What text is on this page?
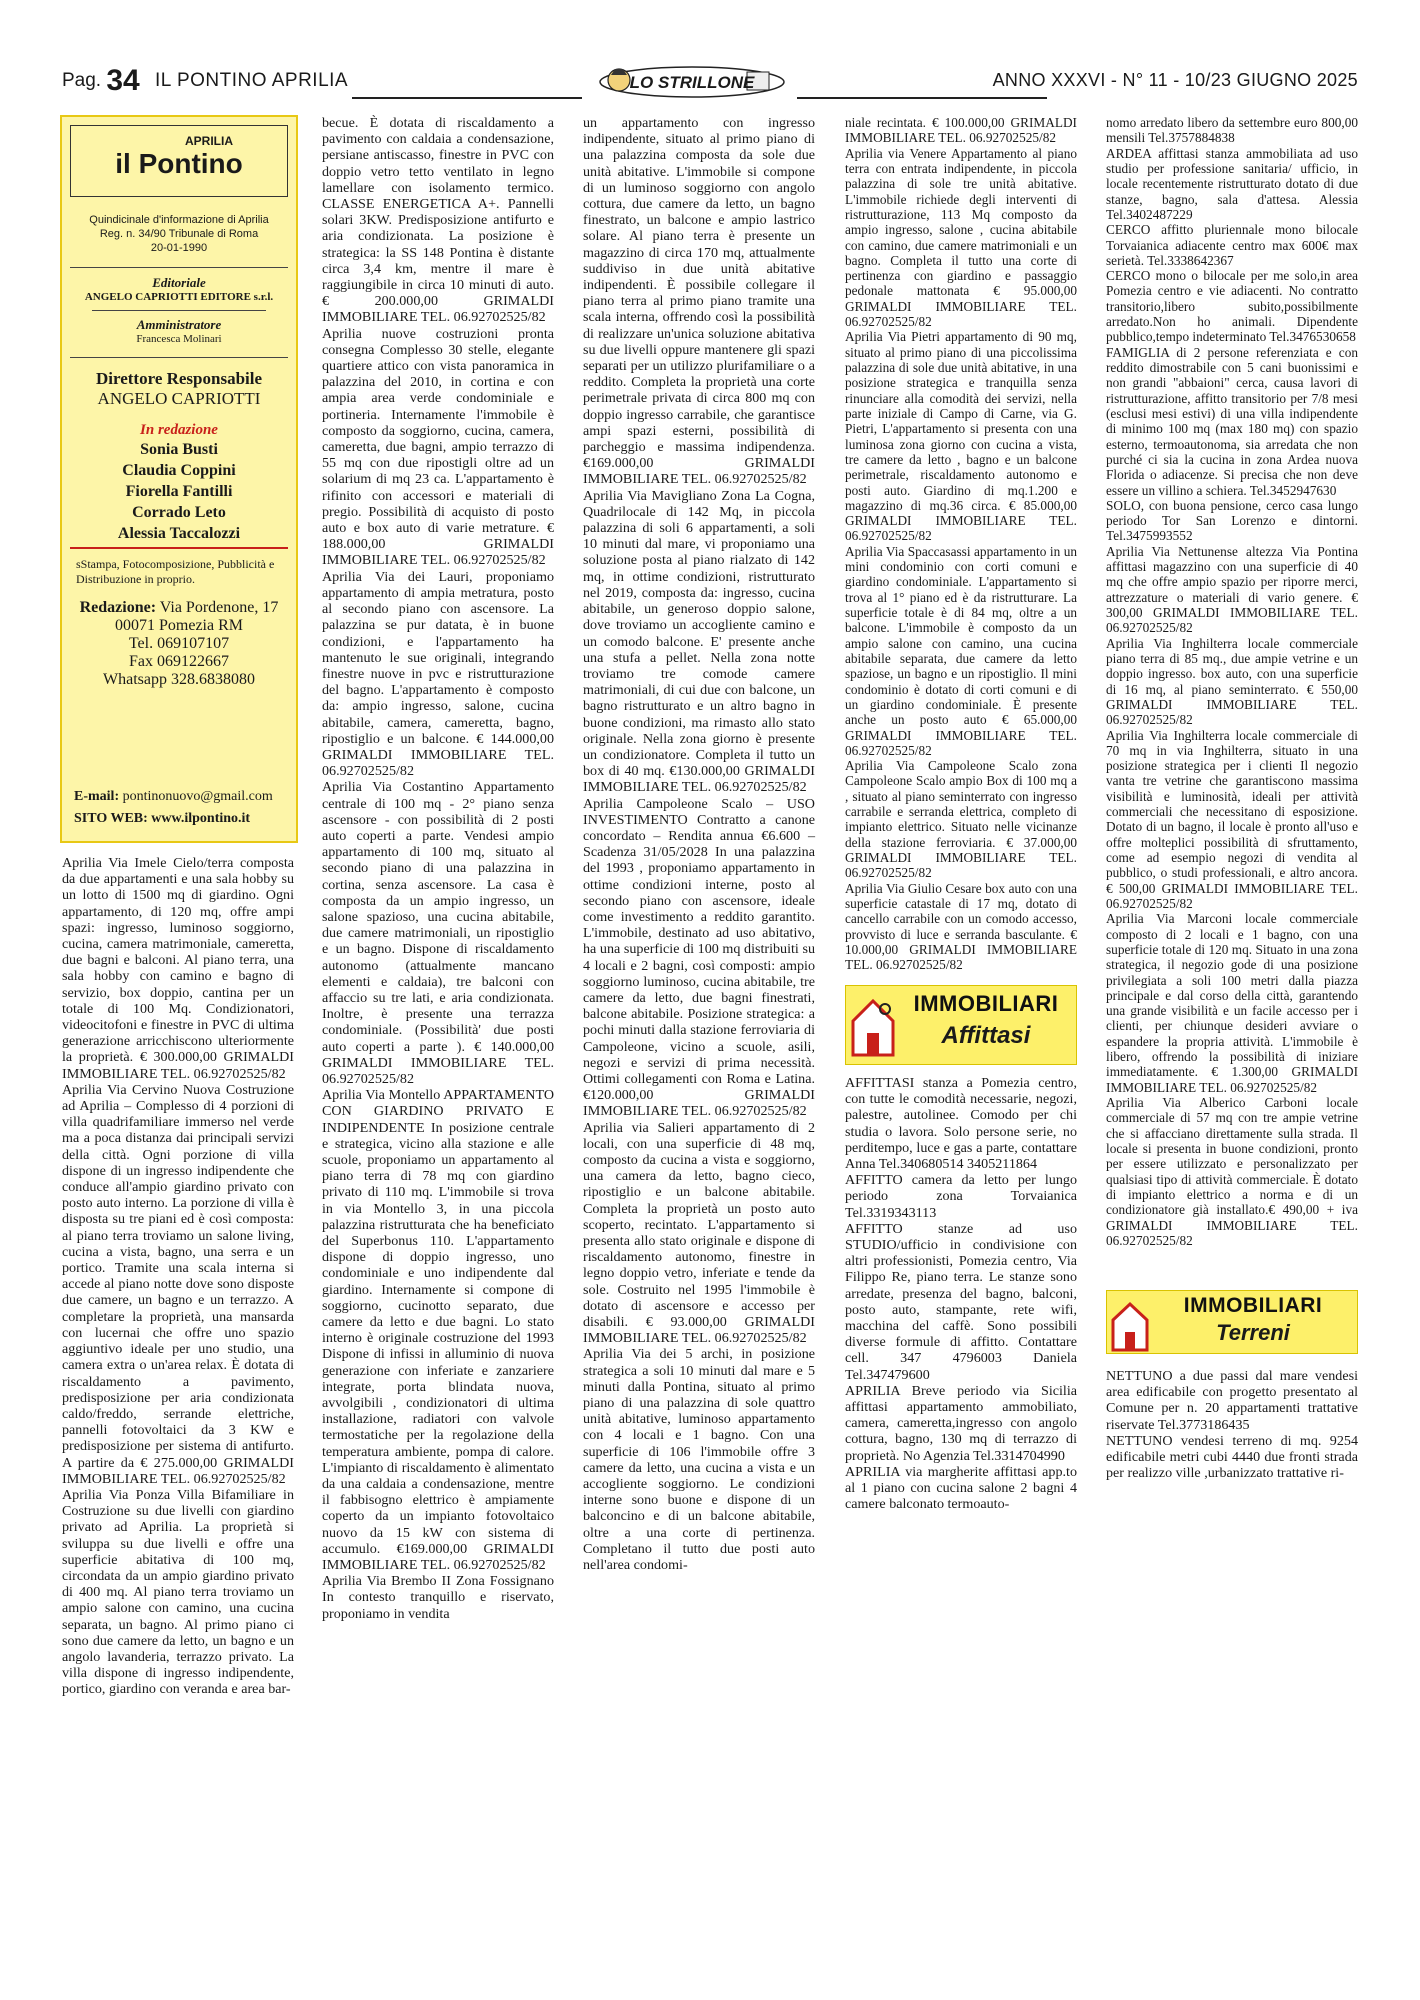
Pag. 34 IL PONTINO APRILIA	LO STRILLONE	ANNO XXXVI - N° 11 - 10/23 GIUGNO 2025
APRILIA
il Pontino
Quindicinale d'informazione di Aprilia
Reg. n. 34/90 Tribunale di Roma
20-01-1990
Editoriale
ANGELO CAPRIOTTI EDITORE s.r.l.
Amministratore
Francesca Molinari
Direttore Responsabile
ANGELO CAPRIOTTI
In redazione
Sonia Busti
Claudia Coppini
Fiorella Fantilli
Corrado Leto
Alessia Taccalozzi
sStampa, Fotocomposizione, Pubblicità e Distribuzione in proprio.
Redazione: Via Pordenone, 17
00071 Pomezia RM
Tel. 069107107
Fax 069122667
Whatsapp 328.6838080
E-mail: pontinonuovo@gmail.com
SITO WEB: www.ilpontino.it

Aprilia Via Imele Cielo/terra composta da due appartamenti e una sala hobby su un lotto di 1500 mq di giardino. Ogni appartamento, di 120 mq, offre ampi spazi: ingresso, luminoso soggiorno, cucina, camera matrimoniale, cameretta, due bagni e balconi. Al piano terra, una sala hobby con camino e bagno di servizio, box doppio, cantina per un totale di 100 Mq. Condizionatori, videocitofoni e finestre in PVC di ultima generazione arricchiscono ulteriormente la proprietà. € 300.000,00 GRIMALDI IMMOBILIARE TEL. 06.92702525/82

Aprilia Via Cervino Nuova Costruzione ad Aprilia – Complesso di 4 porzioni di villa quadrifamiliare immerso nel verde ma a poca distanza dai principali servizi della città. Ogni porzione di villa dispone di un ingresso indipendente che conduce all'ampio giardino privato con posto auto interno. La porzione di villa è disposta su tre piani ed è così composta: al piano terra troviamo un salone living, cucina a vista, bagno, una serra e un portico. Tramite una scala interna si accede al piano notte dove sono disposte due camere, un bagno e un terrazzo. A completare la proprietà, una mansarda con lucernai che offre uno spazio aggiuntivo ideale per uno studio, una camera extra o un'area relax. È dotata di riscaldamento a pavimento, predisposizione per aria condizionata caldo/freddo, serrande elettriche, pannelli fotovoltaici da 3 KW e predisposizione per sistema di antifurto. A partire da € 275.000,00 GRIMALDI IMMOBILIARE TEL. 06.92702525/82

Aprilia Via Ponza Villa Bifamiliare in Costruzione su due livelli con giardino privato ad Aprilia. La proprietà si sviluppa su due livelli e offre una superficie abitativa di 100 mq, circondata da un ampio giardino privato di 400 mq. Al piano terra troviamo un ampio salone con camino, una cucina separata, un bagno. Al primo piano ci sono due camere da letto, un bagno e un angolo lavanderia, terrazzo privato. La villa dispone di ingresso indipendente, portico, giardino con veranda e area bar-

becue. È dotata di riscaldamento a pavimento con caldaia a condensazione, persiane antiscasso, finestre in PVC con doppio vetro tetto ventilato in legno lamellare con isolamento termico. CLASSE ENERGETICA A+. Pannelli solari 3KW. Predisposizione antifurto e aria condizionata. La posizione è strategica: la SS 148 Pontina è distante circa 3,4 km, mentre il mare è raggiungibile in circa 10 minuti di auto. € 200.000,00 GRIMALDI IMMOBILIARE TEL. 06.92702525/82

Aprilia nuove costruzioni pronta consegna Complesso 30 stelle, elegante quartiere attico con vista panoramica in palazzina del 2010, in cortina e con ampia area verde condominiale e portineria. Internamente l'immobile è composto da soggiorno, cucina, camera, cameretta, due bagni, ampio terrazzo di 55 mq con due ripostigli oltre ad un solarium di mq 23 ca. L'appartamento è rifinito con accessori e materiali di pregio. Possibilità di acquisto di posto auto e box auto di varie metrature. € 188.000,00 GRIMALDI IMMOBILIARE TEL. 06.92702525/82

Aprilia Via dei Lauri, proponiamo appartamento di ampia metratura, posto al secondo piano con ascensore. La palazzina se pur datata, è in buone condizioni, e l'appartamento ha mantenuto le sue originali, integrando finestre nuove in pvc e ristrutturazione del bagno. L'appartamento è composto da: ampio ingresso, salone, cucina abitabile, camera, cameretta, bagno, ripostiglio e un balcone. € 144.000,00 GRIMALDI IMMOBILIARE TEL. 06.92702525/82

Aprilia Via Costantino Appartamento centrale di 100 mq - 2° piano senza ascensore - con possibilità di 2 posti auto coperti a parte. Vendesi ampio appartamento di 100 mq, situato al secondo piano di una palazzina in cortina, senza ascensore. La casa è composta da un ampio ingresso, un salone spazioso, una cucina abitabile, due camere matrimoniali, un ripostiglio e un bagno. Dispone di riscaldamento autonomo (attualmente mancano elementi e caldaia), tre balconi con affaccio su tre lati, e aria condizionata. Inoltre, è presente una terrazza condominiale. (Possibilità' due posti auto coperti a parte ). € 140.000,00 GRIMALDI IMMOBILIARE TEL. 06.92702525/82

Aprilia Via Montello APPARTAMENTO CON GIARDINO PRIVATO E INDIPENDENTE In posizione centrale e strategica, vicino alla stazione e alle scuole, proponiamo un appartamento al piano terra di 78 mq con giardino privato di 110 mq. L'immobile si trova in via Montello 3, in una piccola palazzina ristrutturata che ha beneficiato del Superbonus 110. L'appartamento dispone di doppio ingresso, uno condominiale e uno indipendente dal giardino. Internamente si compone di soggiorno, cucinotto separato, due camere da letto e due bagni. Lo stato interno è originale costruzione del 1993 Dispone di infissi in alluminio di nuova generazione con inferiate e zanzariere integrate, porta blindata nuova, avvolgibili , condizionatori di ultima installazione, radiatori con valvole termostatiche per la regolazione della temperatura ambiente, pompa di calore. L'impianto di riscaldamento è alimentato da una caldaia a condensazione, mentre il fabbisogno elettrico è ampiamente coperto da un impianto fotovoltaico nuovo da 15 kW con sistema di accumulo. €169.000,00 GRIMALDI IMMOBILIARE TEL. 06.92702525/82

Aprilia Via Brembo II Zona Fossignano In contesto tranquillo e riservato, proponiamo in vendita

un appartamento con ingresso indipendente, situato al primo piano di una palazzina composta da sole due unità abitative. L'immobile si compone di un luminoso soggiorno con angolo cottura, due camere da letto, un bagno finestrato, un balcone e ampio lastrico solare. Al piano terra è presente un magazzino di circa 170 mq, attualmente suddiviso in due unità abitative indipendenti. È possibile collegare il piano terra al primo piano tramite una scala interna, offrendo così la possibilità di realizzare un'unica soluzione abitativa su due livelli oppure mantenere gli spazi separati per un utilizzo plurifamiliare o a reddito. Completa la proprietà una corte perimetrale privata di circa 800 mq con doppio ingresso carrabile, che garantisce ampi spazi esterni, possibilità di parcheggio e massima indipendenza. €169.000,00 GRIMALDI IMMOBILIARE TEL. 06.92702525/82

Aprilia Via Mavigliano Zona La Cogna, Quadrilocale di 142 Mq, in piccola palazzina di soli 6 appartamenti, a soli 10 minuti dal mare, vi proponiamo una soluzione posta al piano rialzato di 142 mq, in ottime condizioni, ristrutturato nel 2019, composta da: ingresso, cucina abitabile, un generoso doppio salone, dove troviamo un accogliente camino e un comodo balcone. E' presente anche una stufa a pellet. Nella zona notte troviamo tre comode camere matrimoniali, di cui due con balcone, un bagno ristrutturato e un altro bagno in buone condizioni, ma rimasto allo stato originale. Nella zona giorno è presente un condizionatore. Completa il tutto un box di 40 mq. €130.000,00 GRIMALDI IMMOBILIARE TEL. 06.92702525/82

Aprilia Campoleone Scalo – USO INVESTIMENTO Contratto a canone concordato – Rendita annua €6.600 – Scadenza 31/05/2028 In una palazzina del 1993 , proponiamo appartamento in ottime condizioni interne, posto al secondo piano con ascensore, ideale come investimento a reddito garantito. L'immobile, destinato ad uso abitativo, ha una superficie di 100 mq distribuiti su 4 locali e 2 bagni, così composti: ampio soggiorno luminoso, cucina abitabile, tre camere da letto, due bagni finestrati, balcone abitabile. Posizione strategica: a pochi minuti dalla stazione ferroviaria di Campoleone, vicino a scuole, asili, negozi e servizi di prima necessità. Ottimi collegamenti con Roma e Latina. €120.000,00 GRIMALDI IMMOBILIARE TEL. 06.92702525/82

Aprilia via Salieri appartamento di 2 locali, con una superficie di 48 mq, composto da cucina a vista e soggiorno, una camera da letto, bagno cieco, ripostiglio e un balcone abitabile. Completa la proprietà un posto auto scoperto, recintato. L'appartamento si presenta allo stato originale e dispone di riscaldamento autonomo, finestre in legno doppio vetro, inferiate e tende da sole. Costruito nel 1995 l'immobile è dotato di ascensore e accesso per disabili. € 93.000,00 GRIMALDI IMMOBILIARE TEL. 06.92702525/82

Aprilia Via dei 5 archi, in posizione strategica a soli 10 minuti dal mare e 5 minuti dalla Pontina, situato al primo piano di una palazzina di sole quattro unità abitative, luminoso appartamento con 4 locali e 1 bagno. Con una superficie di 106 l'immobile offre 3 camere da letto, una cucina a vista e un accogliente soggiorno. Le condizioni interne sono buone e dispone di un balconcino e di un balcone abitabile, oltre a una corte di pertinenza. Completano il tutto due posti auto nell'area condomi-

niale recintata. € 100.000,00 GRIMALDI IMMOBILIARE TEL. 06.92702525/82

Aprilia via Venere Appartamento al piano terra con entrata indipendente, in piccola palazzina di sole tre unità abitative. L'immobile richiede degli interventi di ristrutturazione, 113 Mq composto da ampio ingresso, salone , cucina abitabile con camino, due camere matrimoniali e un bagno. Completa il tutto una corte di pertinenza con giardino e passaggio pedonale mattonata € 95.000,00 GRIMALDI IMMOBILIARE TEL. 06.92702525/82

Aprilia Via Pietri appartamento di 90 mq, situato al primo piano di una piccolissima palazzina di sole due unità abitative, in una posizione strategica e tranquilla senza rinunciare alla comodità dei servizi, nella parte iniziale di Campo di Carne, via G. Pietri, L'appartamento si presenta con una luminosa zona giorno con cucina a vista, tre camere da letto , bagno e un balcone perimetrale, riscaldamento autonomo e posti auto. Giardino di mq.1.200 e magazzino di mq.36 circa. € 85.000,00 GRIMALDI IMMOBILIARE TEL. 06.92702525/82

Aprilia Via Spaccasassi appartamento in un mini condominio con corti comuni e giardino condominiale. L'appartamento si trova al 1° piano ed è da ristrutturare. La superficie totale è di 84 mq, oltre a un balcone. L'immobile è composto da un ampio salone con camino, una cucina abitabile separata, due camere da letto spaziose, un bagno e un ripostiglio. Il mini condominio è dotato di corti comuni e di un giardino condominiale. È presente anche un posto auto € 65.000,00 GRIMALDI IMMOBILIARE TEL. 06.92702525/82

Aprilia Via Campoleone Scalo zona Campoleone Scalo ampio Box di 100 mq a , situato al piano seminterrato con ingresso carrabile e serranda elettrica, completo di impianto elettrico. Situato nelle vicinanze della stazione ferroviaria. € 37.000,00 GRIMALDI IMMOBILIARE TEL. 06.92702525/82

Aprilia Via Giulio Cesare box auto con una superficie catastale di 17 mq, dotato di cancello carrabile con un comodo accesso, provvisto di luce e serranda basculante. € 10.000,00 GRIMALDI IMMOBILIARE TEL. 06.92702525/82

IMMOBILIARI
Affittasi

AFFITTASI stanza a Pomezia centro, con tutte le comodità necessarie, negozi, palestre, autolinee. Comodo per chi studia o lavora. Solo persone serie, no perditempo, luce e gas a parte, contattare Anna Tel.340680514 3405211864

AFFITTO camera da letto per lungo periodo zona Torvaianica Tel.3319343113

AFFITTO stanze ad uso STUDIO/ufficio in condivisione con altri professionisti, Pomezia centro, Via Filippo Re, piano terra. Le stanze sono arredate, presenza del bagno, balconi, posto auto, stampante, rete wifi, macchina del caffè. Sono possibili diverse formule di affitto. Contattare cell. 347 4796003 Daniela Tel.347479600

APRILIA Breve periodo via Sicilia affittasi appartamento ammobiliato, camera, cameretta,ingresso con angolo cottura, bagno, 130 mq di terrazzo di proprietà. No Agenzia Tel.3314704990

APRILIA via margherite affittasi app.to al 1 piano con cucina salone 2 bagni 4 camere balconato termoauto-

nomo arredato libero da settembre euro 800,00 mensili Tel.3757884838

ARDEA affittasi stanza ammobiliata ad uso studio per professione sanitaria/ ufficio, in locale recentemente ristrutturato dotato di due stanze, bagno, sala d'attesa. Alessia Tel.3402487229

CERCO affitto pluriennale mono bilocale Torvaianica adiacente centro max 600€ max serietà. Tel.3338642367

CERCO mono o bilocale per me solo,in area Pomezia centro e vie adiacenti. No contratto transitorio,libero subito,possibilmente arredato.Non ho animali. Dipendente pubblico,tempo indeterminato Tel.3476530658

FAMIGLIA di 2 persone referenziata e con reddito dimostrabile con 5 cani buonissimi e non grandi "abbaioni" cerca, causa lavori di ristrutturazione, affitto transitorio per 7/8 mesi (esclusi mesi estivi) di una villa indipendente di minimo 100 mq (max 180 mq) con spazio esterno, termoautonoma, sia arredata che non purché ci sia la cucina in zona Ardea nuova Florida o adiacenze. Si precisa che non deve essere un villino a schiera. Tel.3452947630

SOLO, con buona pensione, cerco casa lungo periodo Tor San Lorenzo e dintorni. Tel.3475993552

Aprilia Via Nettunense altezza Via Pontina affittasi magazzino con una superficie di 40 mq che offre ampio spazio per riporre merci, attrezzature o materiali di vario genere. € 300,00 GRIMALDI IMMOBILIARE TEL. 06.92702525/82

Aprilia Via Inghilterra locale commerciale piano terra di 85 mq., due ampie vetrine e un doppio ingresso. box auto, con una superficie di 16 mq, al piano seminterrato. € 550,00 GRIMALDI IMMOBILIARE TEL. 06.92702525/82

Aprilia Via Inghilterra locale commerciale di 70 mq in via Inghilterra, situato in una posizione strategica per i clienti Il negozio vanta tre vetrine che garantiscono massima visibilità e luminosità, ideali per attività commerciali che necessitano di esposizione. Dotato di un bagno, il locale è pronto all'uso e offre molteplici possibilità di sfruttamento, come ad esempio negozi di vendita al pubblico, o studi professionali, e altro ancora. € 500,00 GRIMALDI IMMOBILIARE TEL. 06.92702525/82

Aprilia Via Marconi locale commerciale composto di 2 locali e 1 bagno, con una superficie totale di 120 mq. Situato in una zona strategica, il negozio gode di una posizione privilegiata a soli 100 metri dalla piazza principale e dal corso della città, garantendo una grande visibilità e un facile accesso per i clienti, per chiunque desideri avviare o espandere la propria attività. L'immobile è libero, offrendo la possibilità di iniziare immediatamente. € 1.300,00 GRIMALDI IMMOBILIARE TEL. 06.92702525/82

Aprilia Via Alberico Carboni locale commerciale di 57 mq con tre ampie vetrine che si affacciano direttamente sulla strada. Il locale si presenta in buone condizioni, pronto per essere utilizzato e personalizzato per qualsiasi tipo di attività commerciale. È dotato di impianto elettrico a norma e di un condizionatore già installato.€ 490,00 + iva GRIMALDI IMMOBILIARE TEL. 06.92702525/82

IMMOBILIARI
Terreni

NETTUNO a due passi dal mare vendesi area edificabile con progetto presentato al Comune per n. 20 appartamenti trattative riservate Tel.3773186435

NETTUNO vendesi terreno di mq. 9254 edificabile metri cubi 4440 due fronti strada per realizzo ville ,urbanizzato trattative ri-
